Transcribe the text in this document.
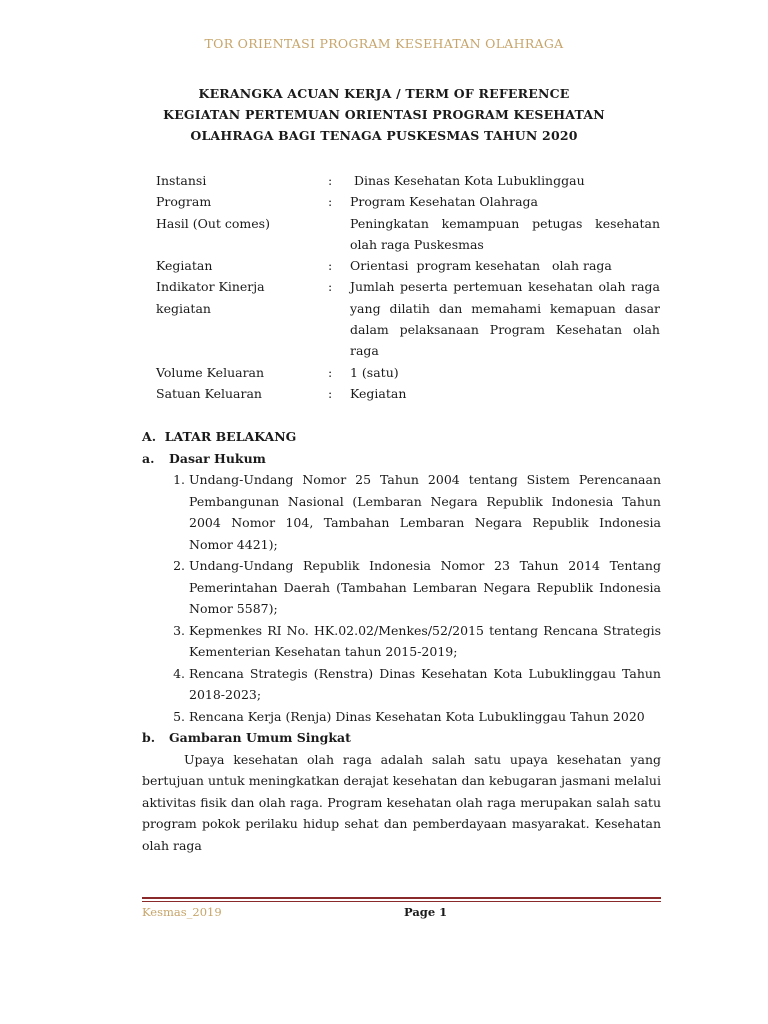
TOR ORIENTASI PROGRAM KESEHATAN OLAHRAGA
KERANGKA ACUAN KERJA / TERM OF REFERENCE
KEGIATAN PERTEMUAN ORIENTASI PROGRAM KESEHATAN
OLAHRAGA BAGI TENAGA PUSKESMAS TAHUN 2020
Instansi	:	Dinas Kesehatan Kota Lubuklinggau
Program	:	Program Kesehatan Olahraga
Hasil (Out comes)		Peningkatan kemampuan petugas kesehatan olah raga Puskesmas
Kegiatan	:	Orientasi  program kesehatan   olah raga

Indikator Kinerja
kegiatan	:	Jumlah peserta pertemuan kesehatan olah raga yang dilatih dan memahami kemapuan dasar dalam pelaksanaan Program Kesehatan olah raga
Volume Keluaran	:	1 (satu)
Satuan Keluaran	:	Kegiatan
A.  LATAR BELAKANG
a.	Dasar Hukum
1. Undang-Undang Nomor 25 Tahun 2004 tentang Sistem Perencanaan Pembangunan Nasional (Lembaran Negara Republik Indonesia Tahun 2004 Nomor 104, Tambahan Lembaran Negara Republik Indonesia Nomor 4421);
2. Undang-Undang Republik Indonesia Nomor 23 Tahun 2014 Tentang Pemerintahan Daerah (Tambahan Lembaran Negara Republik Indonesia Nomor 5587);
3. Kepmenkes RI No. HK.02.02/Menkes/52/2015 tentang Rencana Strategis Kementerian Kesehatan tahun 2015-2019;
4. Rencana Strategis (Renstra) Dinas Kesehatan Kota Lubuklinggau Tahun 2018-2023;
5. Rencana Kerja (Renja) Dinas Kesehatan Kota Lubuklinggau Tahun 2020
b.	Gambaran Umum Singkat
Upaya kesehatan olah raga adalah salah satu upaya kesehatan yang bertujuan untuk meningkatkan derajat kesehatan dan kebugaran jasmani melalui aktivitas fisik dan olah raga. Program kesehatan olah raga merupakan salah satu program pokok perilaku hidup sehat dan pemberdayaan masyarakat. Kesehatan olah raga
Kesmas_2019	Page 1
